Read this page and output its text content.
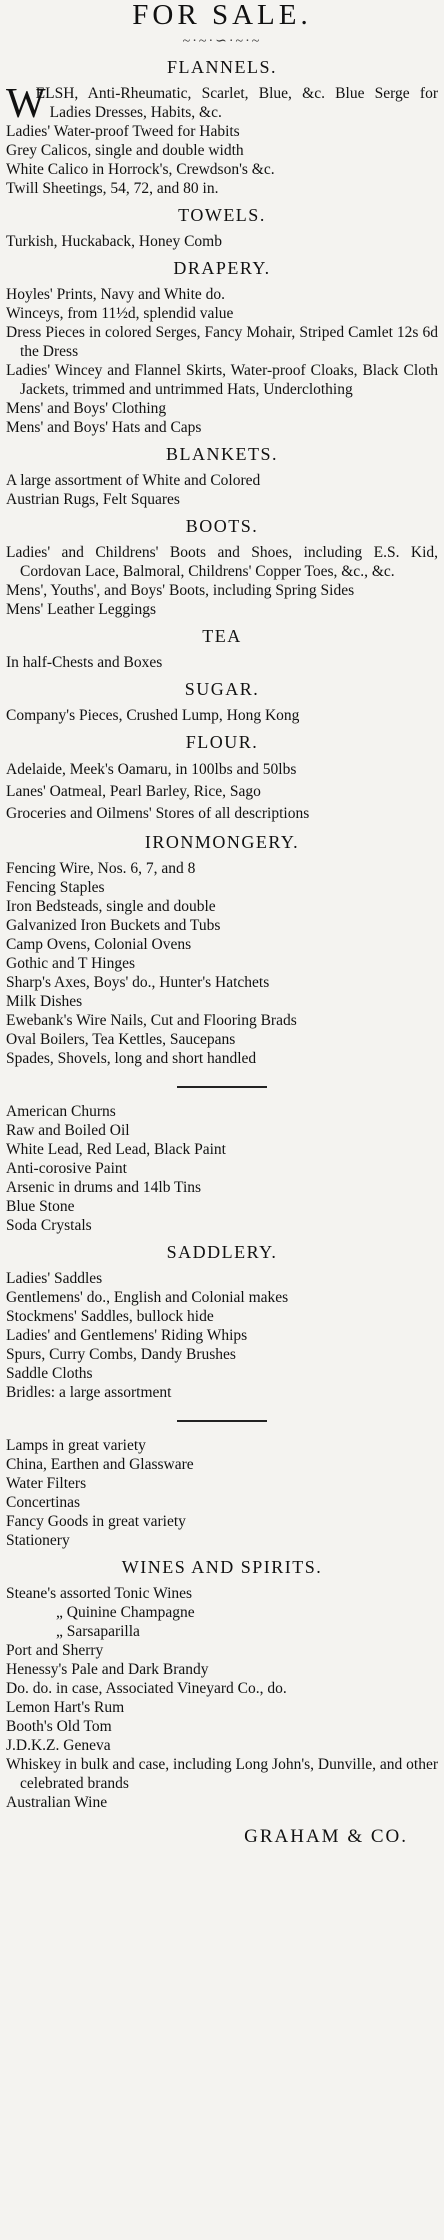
FOR SALE.
~·~·∽·~·~
FLANNELS.
W
ELSH, Anti-Rheumatic, Scarlet, Blue, &c. Blue Serge for Ladies Dresses, Habits, &c.
Ladies' Water-proof Tweed for Habits
Grey Calicos, single and double width
White Calico in Horrock's, Crewdson's &c.
Twill Sheetings, 54, 72, and 80 in.
TOWELS.
Turkish, Huckaback, Honey Comb
DRAPERY.
Hoyles' Prints, Navy and White do.
Winceys, from 11½d, splendid value
Dress Pieces in colored Serges, Fancy Mohair, Striped Camlet 12s 6d the Dress
Ladies' Wincey and Flannel Skirts, Water-proof Cloaks, Black Cloth Jackets, trimmed and untrimmed Hats, Underclothing
Mens' and Boys' Clothing
Mens' and Boys' Hats and Caps
BLANKETS.
A large assortment of White and Colored
Austrian Rugs, Felt Squares
BOOTS.
Ladies' and Childrens' Boots and Shoes, including E.S. Kid, Cordovan Lace, Balmoral, Childrens' Copper Toes, &c., &c.
Mens', Youths', and Boys' Boots, including Spring Sides
Mens' Leather Leggings
TEA
In half-Chests and Boxes
SUGAR.
Company's Pieces, Crushed Lump, Hong Kong
FLOUR.
Adelaide, Meek's Oamaru, in 100lbs and 50lbs
Lanes' Oatmeal, Pearl Barley, Rice, Sago
Groceries and Oilmens' Stores of all descriptions
IRONMONGERY.
Fencing Wire, Nos. 6, 7, and 8
Fencing Staples
Iron Bedsteads, single and double
Galvanized Iron Buckets and Tubs
Camp Ovens, Colonial Ovens
Gothic and T Hinges
Sharp's Axes, Boys' do., Hunter's Hatchets
Milk Dishes
Ewebank's Wire Nails, Cut and Flooring Brads
Oval Boilers, Tea Kettles, Saucepans
Spades, Shovels, long and short handled
American Churns
Raw and Boiled Oil
White Lead, Red Lead, Black Paint
Anti-corosive Paint
Arsenic in drums and 14lb Tins
Blue Stone
Soda Crystals
SADDLERY.
Ladies' Saddles
Gentlemens' do., English and Colonial makes
Stockmens' Saddles, bullock hide
Ladies' and Gentlemens' Riding Whips
Spurs, Curry Combs, Dandy Brushes
Saddle Cloths
Bridles: a large assortment
Lamps in great variety
China, Earthen and Glassware
Water Filters
Concertinas
Fancy Goods in great variety
Stationery
WINES AND SPIRITS.
Steane's assorted Tonic Wines
„ Quinine Champagne
„ Sarsaparilla
Port and Sherry
Henessy's Pale and Dark Brandy
Do. do. in case, Associated Vineyard Co., do.
Lemon Hart's Rum
Booth's Old Tom
J.D.K.Z. Geneva
Whiskey in bulk and case, including Long John's, Dunville, and other celebrated brands
Australian Wine
GRAHAM & CO.
